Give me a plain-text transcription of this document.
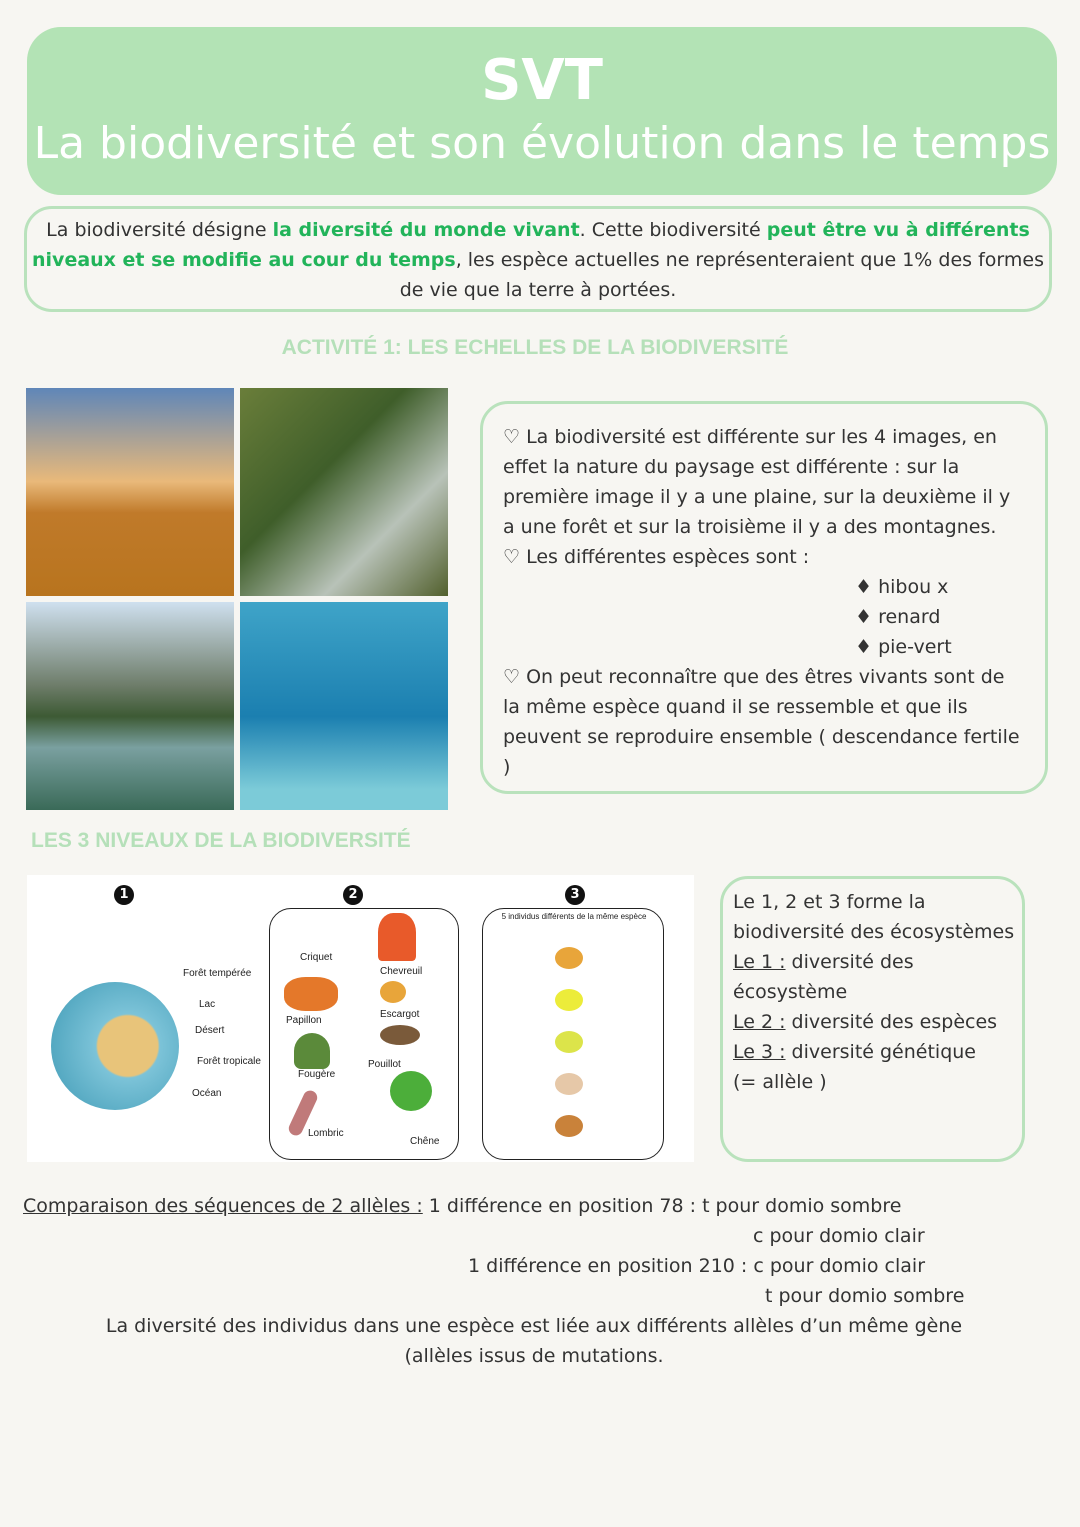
SVT
La biodiversité et son évolution dans le temps
La biodiversité désigne la diversité du monde vivant. Cette biodiversité peut être vu à différents niveaux et se modifie au cour du temps, les espèce actuelles ne représenteraient que 1% des formes de vie que la terre à portées.
ACTIVITÉ 1: LES ECHELLES DE LA BIODIVERSITÉ
♡ La biodiversité est différente sur les 4 images, en effet la nature du paysage est différente : sur la première image il y a une plaine, sur la deuxième il y a une forêt et sur la troisième il y a des montagnes.
♡ Les différentes espèces sont :
♦ hibou x
♦ renard
♦ pie-vert
♡ On peut reconnaître que des êtres vivants sont de la même espèce quand il se ressemble et que ils peuvent se reproduire ensemble ( descendance fertile )
LES 3 NIVEAUX DE LA BIODIVERSITÉ
1	2	3
Forêt tempérée
Lac
Désert
Forêt tropicale
Océan
Criquet
Chevreuil
Papillon
Escargot
Fougère
Pouillot
Lombric
Chêne
5 individus différents de la même espèce
Le 1, 2 et 3 forme la biodiversité des écosystèmes
Le 1 : diversité des écosystème
Le 2 : diversité des espèces
Le 3 : diversité génétique
(= allèle )
Comparaison des séquences de 2 allèles : 1 différence en position 78 : t pour domio sombre
c pour domio clair
1 différence en position 210 : c pour domio clair
t pour domio sombre
La diversité des individus dans une espèce est liée aux différents allèles d’un même gène
(allèles issus de mutations.
